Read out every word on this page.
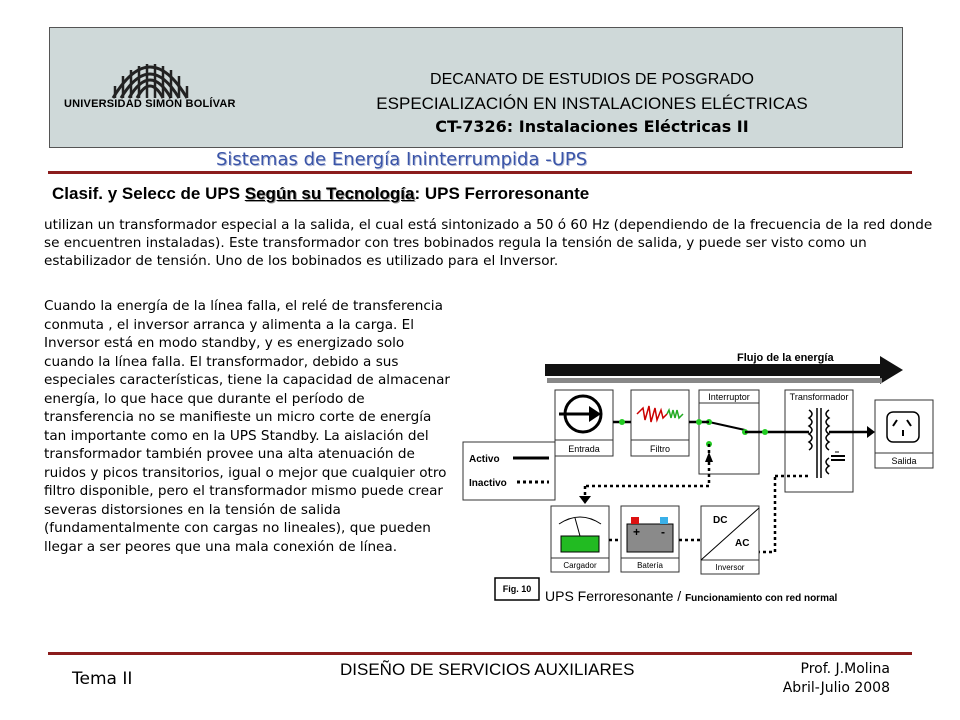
UNIVERSIDAD SIMÓN BOLÍVAR
DECANATO DE ESTUDIOS DE POSGRADO
ESPECIALIZACIÓN EN INSTALACIONES ELÉCTRICAS
CT-7326: Instalaciones Eléctricas II
Sistemas de Energía Ininterrumpida -UPS
Clasif. y Selecc de UPS Según su Tecnología: UPS Ferroresonante
utilizan un transformador especial a la salida, el cual está sintonizado a 50 ó 60 Hz (dependiendo de la frecuencia de la red donde se encuentren instaladas). Este transformador con tres bobinados regula la tensión de salida, y puede ser visto como un estabilizador de tensión. Uno de los bobinados es utilizado para el Inversor.
Cuando la energía de la línea falla, el relé de transferencia conmuta , el inversor arranca y alimenta a la carga. El Inversor está en modo standby, y es energizado solo cuando la línea falla. El transformador, debido a sus especiales características, tiene la capacidad de almacenar energía, lo que hace que durante el período de transferencia no se manifieste un micro corte de energía tan importante como en la UPS Standby. La aislación del transformador también provee una alta atenuación de ruidos y picos transitorios, igual o mejor que cualquier otro filtro disponible, pero el transformador mismo puede crear severas distorsiones en la tensión de salida (fundamentalmente con cargas no lineales), que pueden llegar a ser peores que una mala conexión de línea.
Flujo de la energía
Entrada	Filtro
Interruptor	Transformador
Salida
Activo
Inactivo
Cargador
+ -
Batería
DC
AC
Inversor
Fig. 10 UPS Ferroresonante / Funcionamiento con red normal
Tema II	DISEÑO DE SERVICIOS AUXILIARES	Prof. J.Molina
Abril-Julio 2008
